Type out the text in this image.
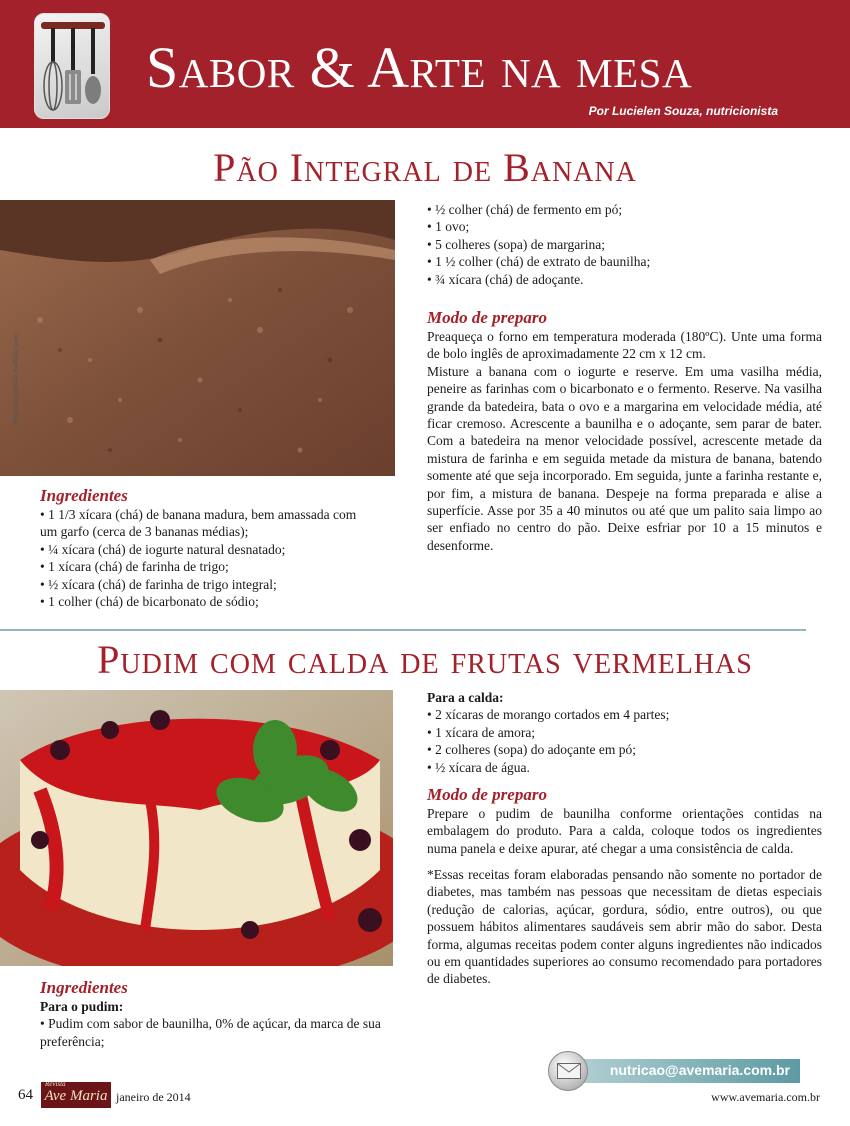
Sabor & Arte na mesa
Por Lucielen Souza, nutricionista
Pão Integral de Banana
Reprodução/sxc.hu/flickr.com
Ingredientes
• 1 1/3 xícara (chá) de banana madura, bem amassada com um garfo (cerca de 3 bananas médias);
• ¼ xícara (chá) de iogurte natural desnatado;
• 1 xícara (chá) de farinha de trigo;
• ½ xícara (chá) de farinha de trigo integral;
• 1 colher (chá) de bicarbonato de sódio;
• ½ colher (chá) de fermento em pó;
• 1 ovo;
• 5 colheres (sopa) de margarina;
• 1 ½ colher (chá) de extrato de baunilha;
• ¾ xícara (chá) de adoçante.
Modo de preparo

Preaqueça o forno em temperatura moderada (180ºC). Unte uma forma de bolo inglês de aproximadamente 22 cm x 12 cm.

Misture a banana com o iogurte e reserve. Em uma vasilha média, peneire as farinhas com o bicarbonato e o fermento. Reserve. Na vasilha grande da batedeira, bata o ovo e a margarina em velocidade média, até ficar cremoso. Acrescente a baunilha e o adoçante, sem parar de bater. Com a batedeira na menor velocidade possível, acrescente metade da mistura de farinha e em seguida metade da mistura de banana, batendo somente até que seja incorporado. Em seguida, junte a farinha restante e, por fim, a mistura de banana. Despeje na forma preparada e alise a superfície. Asse por 35 a 40 minutos ou até que um palito saia limpo ao ser enfiado no centro do pão. Deixe esfriar por 10 a 15 minutos e desenforme.

Pudim com calda de frutas vermelhas
Para a calda:
• 2 xícaras de morango cortados em 4 partes;
• 1 xícara de amora;
• 2 colheres (sopa) do adoçante em pó;
• ½ xícara de água.
Modo de preparo

Prepare o pudim de baunilha conforme orientações contidas na embalagem do produto. Para a calda, coloque todos os ingredientes numa panela e deixe apurar, até chegar a uma consistência de calda.

*Essas receitas foram elaboradas pensando não somente no portador de diabetes, mas também nas pessoas que necessitam de dietas especiais (redução de calorias, açúcar, gordura, sódio, entre outros), ou que possuem hábitos alimentares saudáveis sem abrir mão do sabor. Desta forma, algumas receitas podem conter alguns ingredientes não indicados ou em quantidades superiores ao consumo recomendado para portadores de diabetes.

Ingredientes
Para o pudim:
• Pudim com sabor de baunilha, 0% de açúcar, da marca de sua preferência;
nutricao@avemaria.com.br
64
Revista
Ave Maria janeiro de 2014	www.avemaria.com.br
